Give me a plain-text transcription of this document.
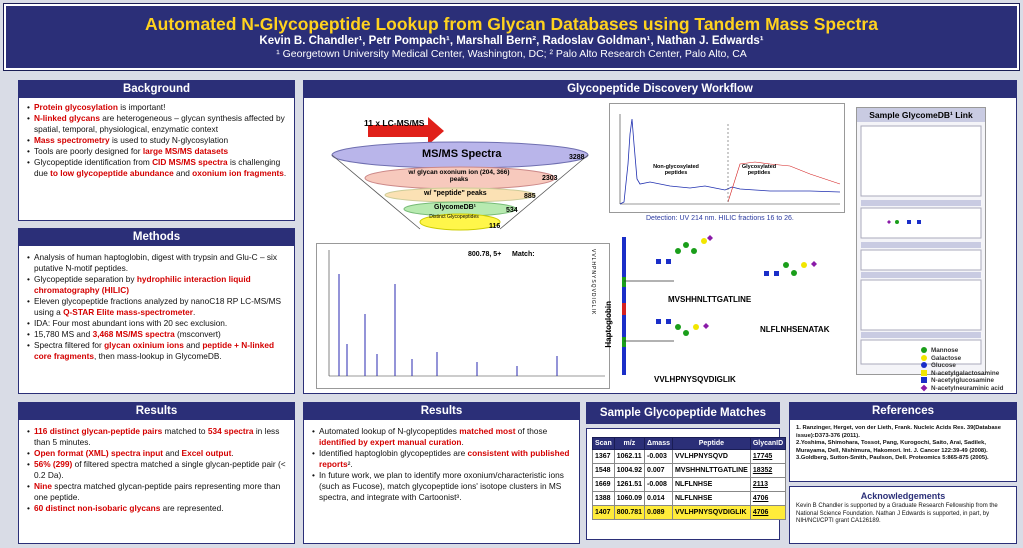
Automated N-Glycopeptide Lookup from Glycan Databases using Tandem Mass Spectra
Kevin B. Chandler¹, Petr Pompach¹, Marshall Bern², Radoslav Goldman¹, Nathan J. Edwards¹
¹ Georgetown University Medical Center, Washington, DC; ² Palo Alto Research Center, Palo Alto, CA
Background
• Protein glycosylation is important!
• N-linked glycans are heterogeneous – glycan synthesis affected by spatial, temporal, physiological, enzymatic context
• Mass spectrometry is used to study N-glycosylation
• Tools are poorly designed for large MS/MS datasets
• Glycopeptide identification from CID MS/MS spectra is challenging due to low glycopeptide abundance and oxonium ion fragments.
Methods
• Analysis of human haptoglobin, digest with trypsin and Glu-C – six putative N-motif peptides.
• Glycopeptide separation by hydrophilic interaction liquid chromatography (HILIC)
• Eleven glycopeptide fractions analyzed by nanoC18 RP LC-MS/MS using a Q-STAR Elite mass-spectrometer.
• IDA: Four most abundant ions with 20 sec exclusion.
• 15,780 MS and 3,468 MS/MS spectra (msconvert)
• Spectra filtered for glycan oxinium ions and peptide + N-linked core fragments, then mass-lookup in GlycomeDB.
Glycopeptide Discovery Workflow
11 x LC-MS/MS
MS/MS Spectra
w/ glycan oxonium ion (204, 366) peaks
w/ "peptide" peaks
GlycomeDB¹
Distinct Glycopeptides
3288
2303
885
534
116
Non-glycosylated peptides
Glycosylated peptides
Detection: UV 214 nm. HILIC fractions 16 to 26.
Sample GlycomeDB¹ Link
800.78, 5+ Match:	VVLHPNYSQVDIGLIK
Haptoglobin
MVSHHNLTTGATLINE
NLFLNHSENATAK
VVLHPNYSQVDIGLIK
Mannose
Galactose
Glucose
N-acetylgalactosamine
N-acetylglucosamine
N-acetylneuraminic acid
Results
• 116 distinct glycan-peptide pairs matched to 534 spectra in less than 5 minutes.
• Open format (XML) spectra input and Excel output.
• 56% (299) of filtered spectra matched a single glycan-peptide pair (< 0.2 Da).
• Nine spectra matched glycan-peptide pairs representing more than one peptide.
• 60 distinct non-isobaric glycans are represented.
Results
• Automated lookup of N-glycopeptides matched most of those identified by expert manual curation.
• Identified haptoglobin glycopeptides are consistent with published reports².
• In future work, we plan to identify more oxonium/characteristic ions (such as Fucose), match glycopeptide ions' isotope clusters in MS spectra, and integrate with Cartoonist³.
Sample Glycopeptide Matches
Scan	m/z	Δmass	Peptide	GlycanID
1367	1062.11	-0.003	VVLHPNYSQVD	17745
1548	1004.92	0.007	MVSHHNLTTGATLINE	18352
1669	1261.51	-0.008	NLFLNHSE	2113
1388	1060.09	0.014	NLFLNHSE	4706
1407	800.781	0.089	VVLHPNYSQVDIGLIK	4706
References
1. Ranzinger, Herget, von der Lieth, Frank. Nucleic Acids Res. 39(Database issue):D373-376 (2011).
2.Yoshima, Shimohara, Tossot, Pang, Kurogochi, Saito, Arai, Sadilek, Murayama, Dell, Nishimura, Hakomori. Int. J. Cancer 122:39-49 (2008).
3.Goldberg, Sutton-Smith, Paulson, Dell. Proteomics 5:865-875 (2005).
Acknowledgements
Kevin B Chandler is supported by a Graduate Research Fellowship from the National Science Foundation. Nathan J Edwards is supported, in part, by NIH/NCI/CPTI grant CA126189.
